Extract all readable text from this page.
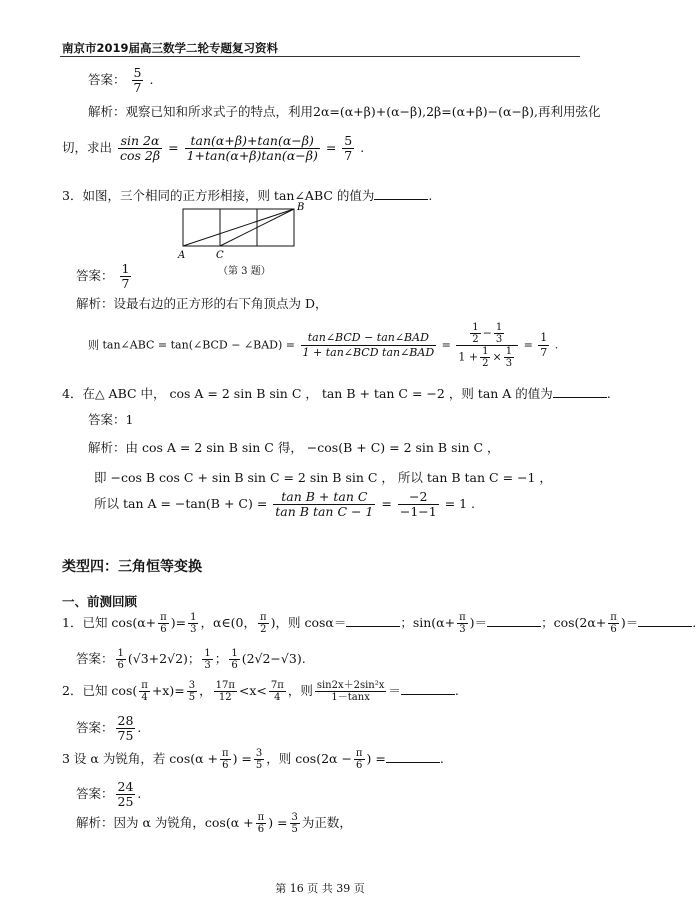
南京市2019届高三数学二轮专题复习资料
答案： $\frac{5}{7}$ .
解析：观察已知和所求式子的特点，利用2α=(α+β)+(α−β),2β=(α+β)−(α−β),再利用弦化
切，求出 $\frac{\sin 2\alpha}{\cos 2\beta} = \frac{\tan(\alpha+\beta)+\tan(\alpha-\beta)}{1+\tan(\alpha+\beta)\tan(\alpha-\beta)} = \frac{5}{7}$ .
3．如图，三个相同的正方形相接，则 tan∠ABC 的值为	.
A
B
C
（第 3 题）
答案： $\frac{1}{7}$
解析：设最右边的正方形的右下角顶点为 D，
则 tan∠ABC = tan(∠BCD − ∠BAD) = $\frac{\text{tan∠BCD − tan∠BAD}}{\text{1 + tan∠BCD tan∠BAD}} = \frac{\frac{1}{2} - \frac{1}{3}}{1 + \frac{1}{2} \times \frac{1}{3}} = \frac{1}{7}$ .
4．在△ ABC 中， cos A = 2 sin B sin C ， tan B + tan C = −2 ，则 tan A 的值为	.
答案：1
解析：由 cos A = 2 sin B sin C 得， −cos(B + C) = 2 sin B sin C ，
即 −cos B cos C + sin B sin C = 2 sin B sin C ， 所以 tan B tan C = −1 ，
所以 $\tan A = -\tan(B + C) = \frac{\text{tan B + tan C}}{\text{tan B tan C − 1}} = \frac{-2}{-1-1} = 1$ .
类型四：三角恒等变换
一、前测回顾
1．已知 $\cos(\alpha+ \frac{\pi}{6}$ )= $\frac{1}{3}$ ，α∈(0， $\frac{\pi}{2}$ )，则 cosα＝	；$\sin(\alpha+ \frac{\pi}{3}$ )＝	；$\cos(2\alpha+ \frac{\pi}{6}$ )＝	.
答案： $\frac{1}{6} (√3+2√2)$； $\frac{1}{3}$ ； $\frac{1}{6} (2√2-√3)$.
2．已知 $\cos( \frac{\pi}{4} +x)= \frac{3}{5}$ ， $\frac{17\pi}{12} <x< \frac{7\pi}{4}$ ，则 $\frac{\text{sin2x＋2sin²x}}{1-\tan x}$ ＝	.
答案： $\frac{28}{75}$ .
3 设 α 为锐角，若 $\cos(\alpha + \frac{\pi}{6}$ ) = $\frac{3}{5}$ ，则 $\cos(2\alpha - \frac{\pi}{6}$ ) =	.
答案： $\frac{24}{25}$ .
解析：因为 α 为锐角，$\cos(\alpha + \frac{\pi}{6}$ ) = $\frac{3}{5}$ 为正数，
第 16 页 共 39 页
